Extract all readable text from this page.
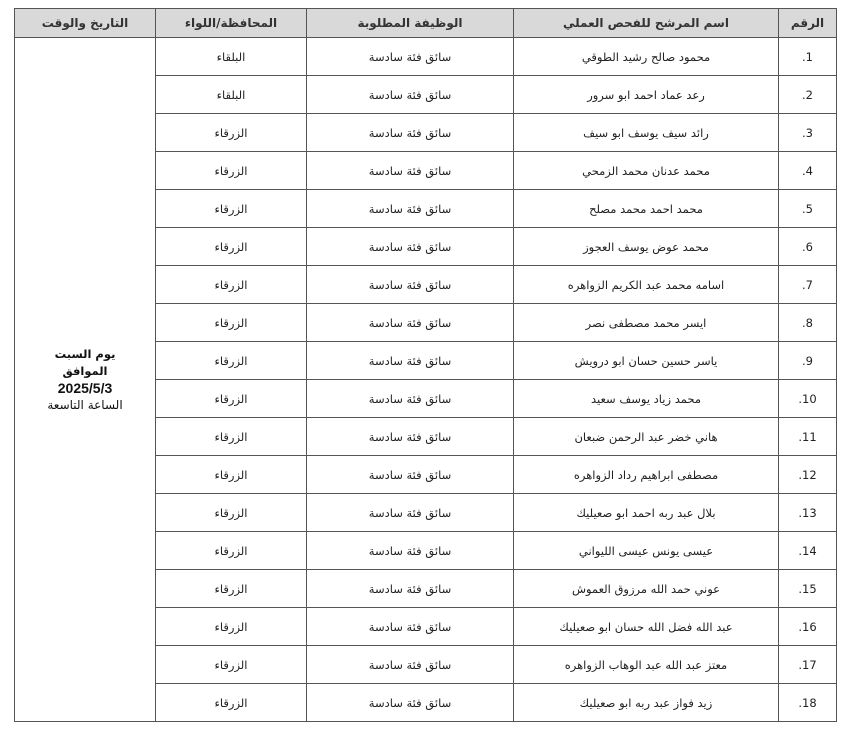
الرقم	اسم المرشح للفحص العملي	الوظيفة المطلوبة	المحافظة/اللواء	التاريخ والوقت
1.	محمود صالح رشيد الطوقي	سائق فئة سادسة	البلقاء	يوم السبت
الموافق
2025/5/3
الساعة التاسعة

2.	رعد عماد احمد ابو سرور	سائق فئة سادسة	البلقاء	
3.	رائد سيف يوسف ابو سيف	سائق فئة سادسة	الزرقاء	
4.	محمد عدنان محمد الزمحي	سائق فئة سادسة	الزرقاء	
5.	محمد احمد محمد مصلح	سائق فئة سادسة	الزرقاء	
6.	محمد عوض يوسف العجوز	سائق فئة سادسة	الزرقاء	
7.	اسامه محمد عبد الكريم الزواهره	سائق فئة سادسة	الزرقاء	
8.	ايسر محمد مصطفى نصر	سائق فئة سادسة	الزرقاء	
9.	ياسر حسين حسان ابو درويش	سائق فئة سادسة	الزرقاء	
10.	محمد زياد يوسف سعيد	سائق فئة سادسة	الزرقاء	
11.	هاني خضر عبد الرحمن ضبعان	سائق فئة سادسة	الزرقاء	
12.	مصطفى ابراهيم رداد الزواهره	سائق فئة سادسة	الزرقاء	
13.	بلال عبد ربه احمد ابو صعيليك	سائق فئة سادسة	الزرقاء	
14.	عيسى يونس عيسى الليواني	سائق فئة سادسة	الزرقاء	
15.	عوني حمد الله مرزوق العموش	سائق فئة سادسة	الزرقاء	
16.	عبد الله فضل الله حسان ابو صعيليك	سائق فئة سادسة	الزرقاء	
17.	معتز عبد الله عبد الوهاب الزواهره	سائق فئة سادسة	الزرقاء	
18.	زيد فواز عبد ربه ابو صعيليك	سائق فئة سادسة	الزرقاء	
